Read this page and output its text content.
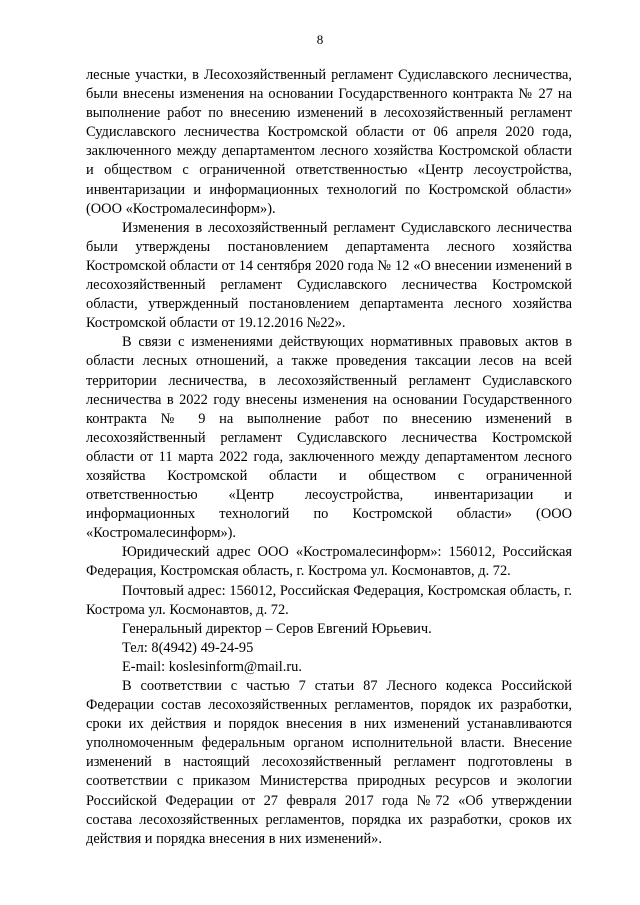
8

лесные участки, в Лесохозяйственный регламент Судиславского лесничества, были внесены изменения на основании Государственного контракта № 27 на выполнение работ по внесению изменений в лесохозяйственный регламент Судиславского лесничества Костромской области от 06 апреля 2020 года, заключенного между департаментом лесного хозяйства Костромской области и обществом с ограниченной ответственностью «Центр лесоустройства, инвентаризации и информационных технологий по Костромской области» (ООО «Костромалесинформ»).

Изменения в лесохозяйственный регламент Судиславского лесничества были утверждены постановлением департамента лесного хозяйства Костромской области от 14 сентября 2020 года № 12 «О внесении изменений в лесохозяйственный регламент Судиславского лесничества Костромской области, утвержденный постановлением департамента лесного хозяйства Костромской области от 19.12.2016 №22».

В связи с изменениями действующих нормативных правовых актов в области лесных отношений, а также проведения таксации лесов на всей территории лесничества, в лесохозяйственный регламент Судиславского лесничества в 2022 году внесены изменения на основании Государственного контракта № 9 на выполнение работ по внесению изменений в лесохозяйственный регламент Судиславского лесничества Костромской области от 11 марта 2022 года, заключенного между департаментом лесного хозяйства Костромской области и обществом с ограниченной ответственностью «Центр лесоустройства, инвентаризации и информационных технологий по Костромской области» (ООО «Костромалесинформ»).

Юридический адрес ООО «Костромалесинформ»: 156012, Российская Федерация, Костромская область, г. Кострома ул. Космонавтов, д. 72.

Почтовый адрес: 156012, Российская Федерация, Костромская область, г. Кострома ул. Космонавтов, д. 72.

Генеральный директор – Серов Евгений Юрьевич.

Тел: 8(4942) 49-24-95

E-mail: koslesinform@mail.ru.

В соответствии с частью 7 статьи 87 Лесного кодекса Российской Федерации состав лесохозяйственных регламентов, порядок их разработки, сроки их действия и порядок внесения в них изменений устанавливаются уполномоченным федеральным органом исполнительной власти. Внесение изменений в настоящий лесохозяйственный регламент подготовлены в соответствии с приказом Министерства природных ресурсов и экологии Российской Федерации от 27 февраля 2017 года №72 «Об утверждении состава лесохозяйственных регламентов, порядка их разработки, сроков их действия и порядка внесения в них изменений».
